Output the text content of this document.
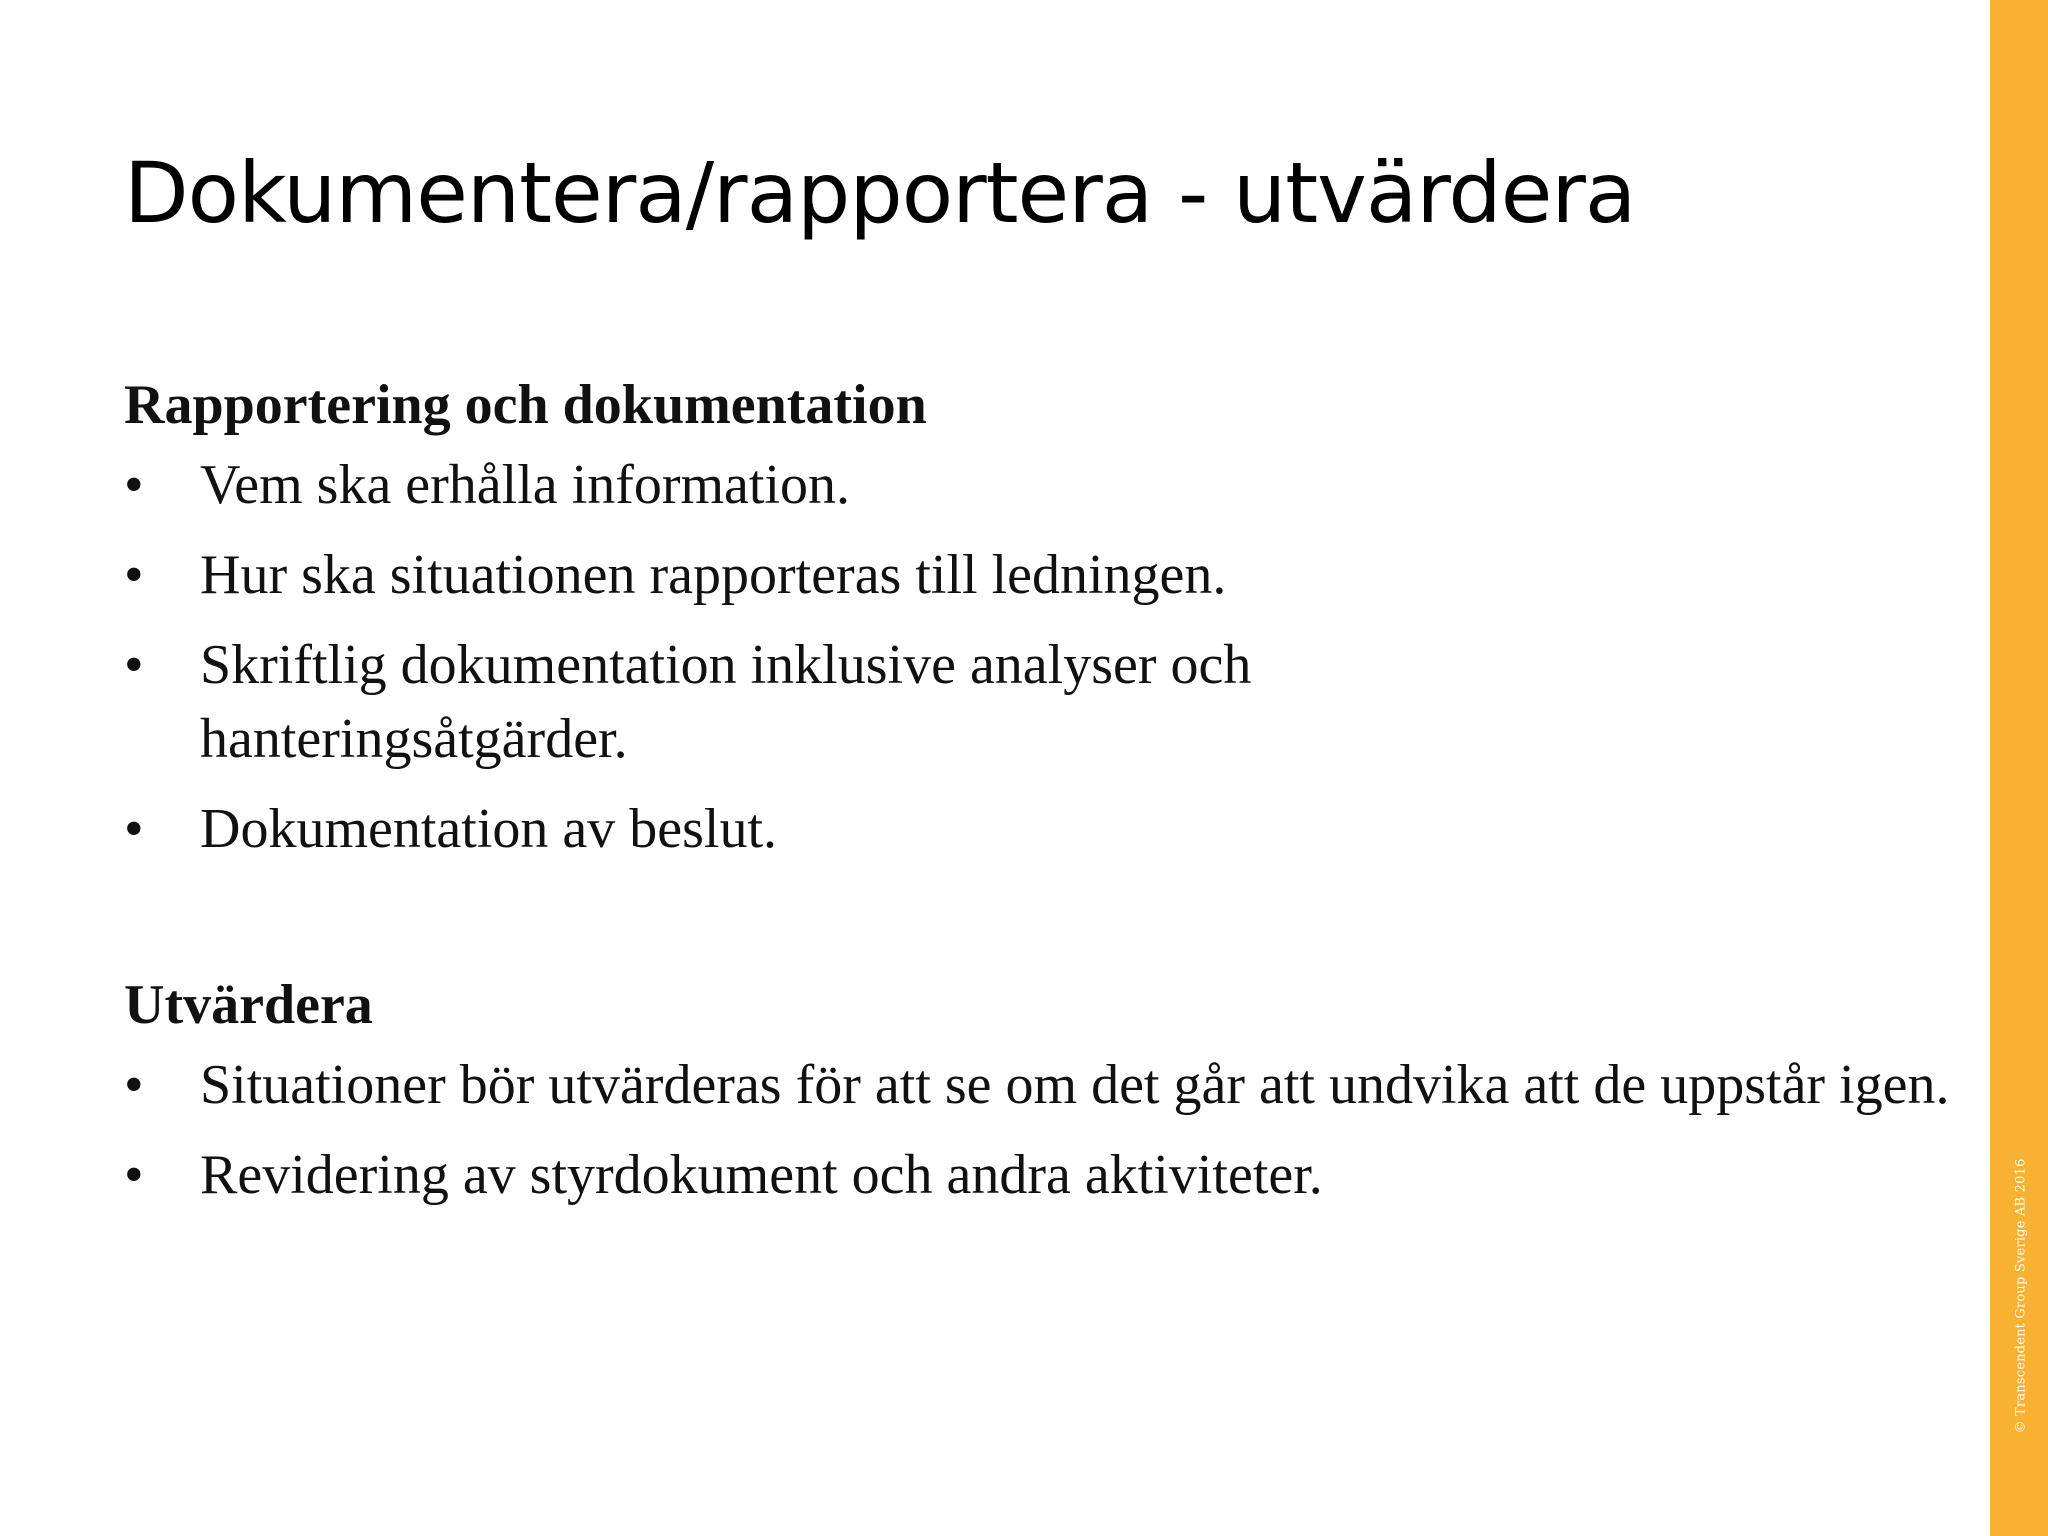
Dokumentera/rapportera - utvärdera
Rapportering och dokumentation
•	Vem ska erhålla information.
•	Hur ska situationen rapporteras till ledningen.
•	Skriftlig dokumentation inklusive analyser och hanteringsåtgärder.
•	Dokumentation av beslut.
Utvärdera
•	Situationer bör utvärderas för att se om det går att undvika att de uppstår igen.
•	Revidering av styrdokument och andra aktiviteter.	© Transcendent Group Sverige AB 2016
